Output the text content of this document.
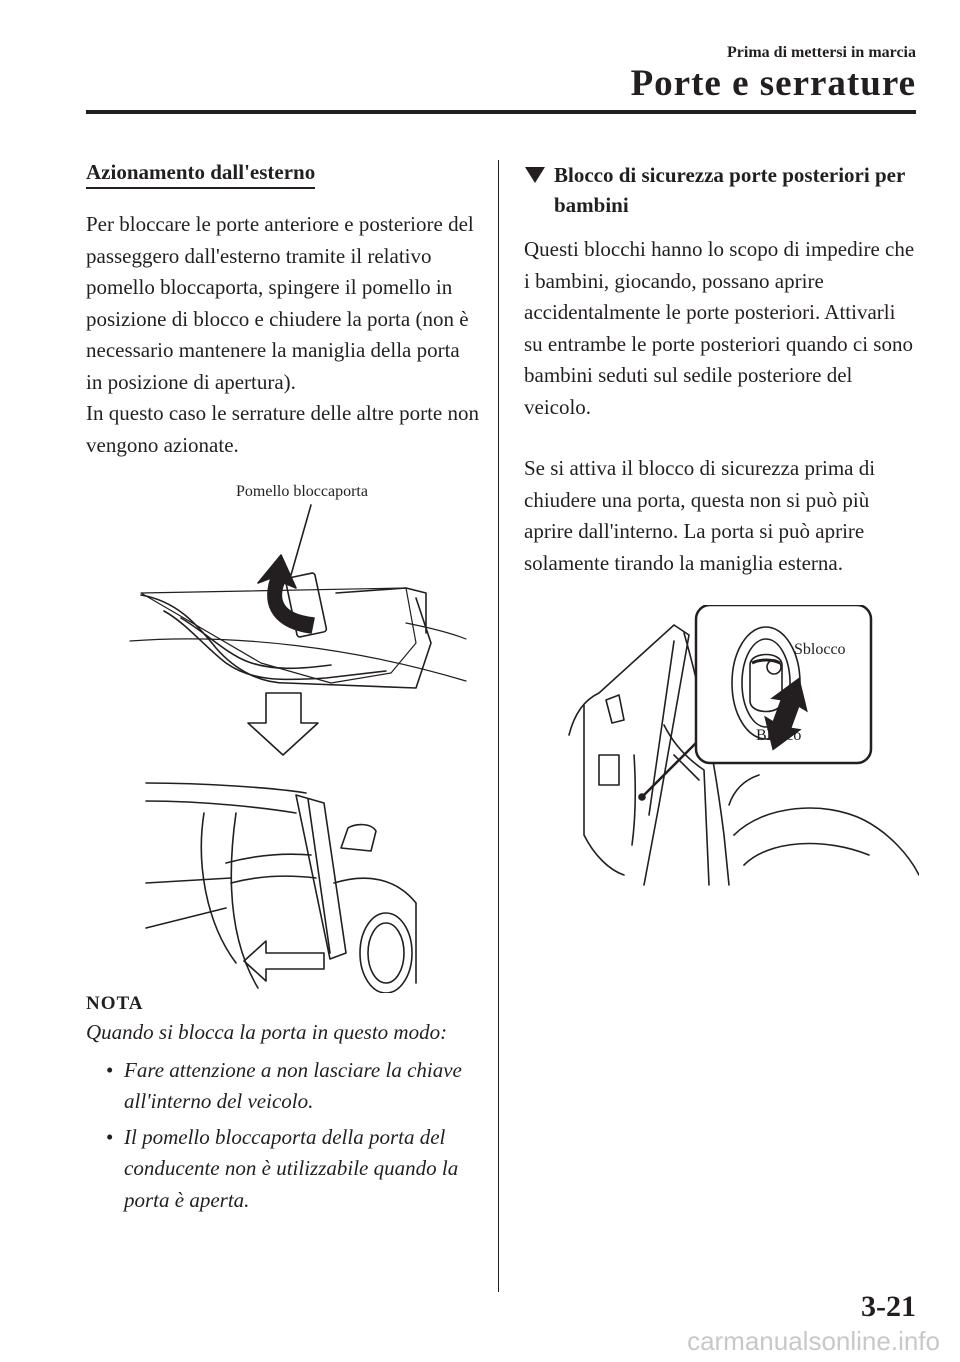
Prima di mettersi in marcia
Porte e serrature
Azionamento dall'esterno

Per bloccare le porte anteriore e posteriore del passeggero dall'esterno tramite il relativo pomello bloccaporta, spingere il pomello in posizione di blocco e chiudere la porta (non è necessario mantenere la maniglia della porta in posizione di apertura).

In questo caso le serrature delle altre porte non vengono azionate.

Pomello bloccaporta
NOTA

Quando si blocca la porta in questo modo:

• Fare attenzione a non lasciare la chiave all'interno del veicolo.
• Il pomello bloccaporta della porta del conducente non è utilizzabile quando la porta è aperta.
Blocco di sicurezza porte posteriori per bambini

Questi blocchi hanno lo scopo di impedire che i bambini, giocando, possano aprire accidentalmente le porte posteriori. Attivarli su entrambe le porte posteriori quando ci sono bambini seduti sul sedile posteriore del veicolo.

Se si attiva il blocco di sicurezza prima di chiudere una porta, questa non si può più aprire dall'interno. La porta si può aprire solamente tirando la maniglia esterna.

Sblocco
Blocco
3-21
carmanualsonline.info
